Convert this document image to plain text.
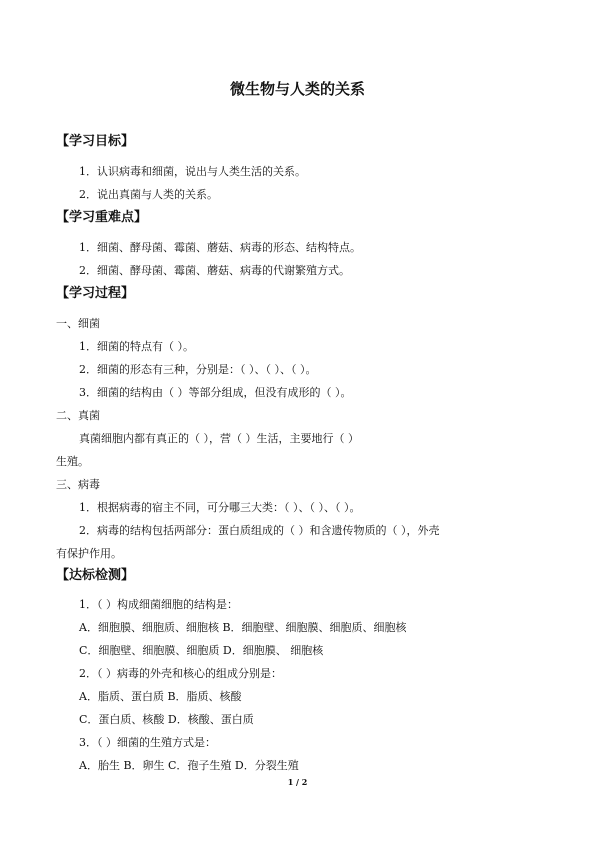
微生物与人类的关系
【学习目标】
1．认识病毒和细菌，说出与人类生活的关系。
2．说出真菌与人类的关系。
【学习重难点】
1．细菌、酵母菌、霉菌、蘑菇、病毒的形态、结构特点。
2．细菌、酵母菌、霉菌、蘑菇、病毒的代谢繁殖方式。
【学习过程】
一、细菌
1．细菌的特点有（ ）。
2．细菌的形态有三种，分别是：（ ）、（ ）、（ ）。
3．细菌的结构由（ ）等部分组成，但没有成形的（ ）。
二、真菌
真菌细胞内都有真正的（ ），营（ ）生活，主要地行（ ）
生殖。
三、病毒
1．根据病毒的宿主不同，可分哪三大类：（ ）、（ ）、（ ）。
2．病毒的结构包括两部分：蛋白质组成的（ ）和含遗传物质的（ ），外壳
有保护作用。
【达标检测】
1．（ ）构成细菌细胞的结构是：
A．细胞膜、细胞质、细胞核 B．细胞壁、细胞膜、细胞质、细胞核
C．细胞壁、细胞膜、细胞质 D．细胞膜、 细胞核
2．（ ）病毒的外壳和核心的组成分别是：
A．脂质、蛋白质 B．脂质、核酸
C．蛋白质、核酸 D．核酸、蛋白质
3．（ ）细菌的生殖方式是：
A．胎生 B．卵生 C．孢子生殖 D．分裂生殖
1 / 2
